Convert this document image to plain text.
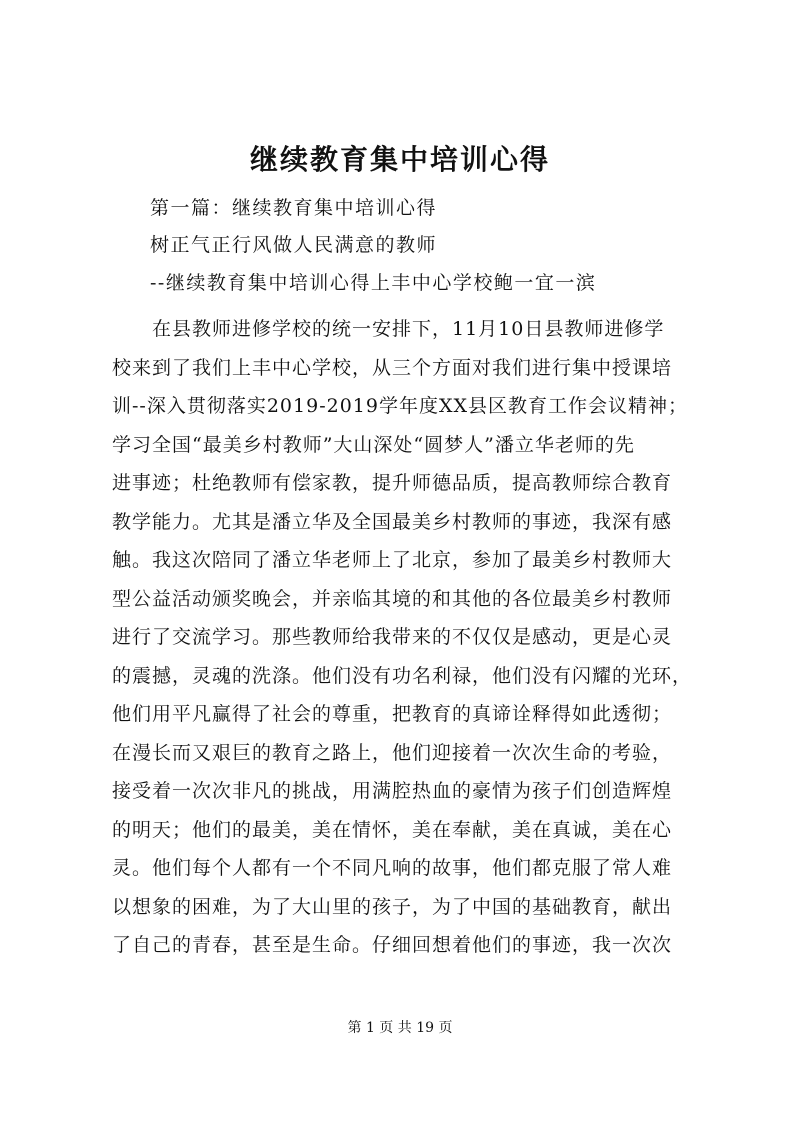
继续教育集中培训心得

第一篇：继续教育集中培训心得

树正气正行风做人民满意的教师

--继续教育集中培训心得上丰中心学校鲍一宜一滨

在县教师进修学校的统一安排下，11月10日县教师进修学
校来到了我们上丰中心学校，从三个方面对我们进行集中授课培
训--深入贯彻落实2019-2019学年度XX县区教育工作会议精神；
学习全国“最美乡村教师”大山深处“圆梦人”潘立华老师的先
进事迹；杜绝教师有偿家教，提升师德品质，提高教师综合教育
教学能力。尤其是潘立华及全国最美乡村教师的事迹，我深有感
触。我这次陪同了潘立华老师上了北京，参加了最美乡村教师大
型公益活动颁奖晚会，并亲临其境的和其他的各位最美乡村教师
进行了交流学习。那些教师给我带来的不仅仅是感动，更是心灵
的震撼，灵魂的洗涤。他们没有功名利禄，他们没有闪耀的光环，
他们用平凡赢得了社会的尊重，把教育的真谛诠释得如此透彻；
在漫长而又艰巨的教育之路上，他们迎接着一次次生命的考验，
接受着一次次非凡的挑战，用满腔热血的豪情为孩子们创造辉煌
的明天；他们的最美，美在情怀，美在奉献，美在真诚，美在心
灵。他们每个人都有一个不同凡响的故事，他们都克服了常人难
以想象的困难，为了大山里的孩子，为了中国的基础教育，献出
了自己的青春，甚至是生命。仔细回想着他们的事迹，我一次次

第 1 页 共 19 页
